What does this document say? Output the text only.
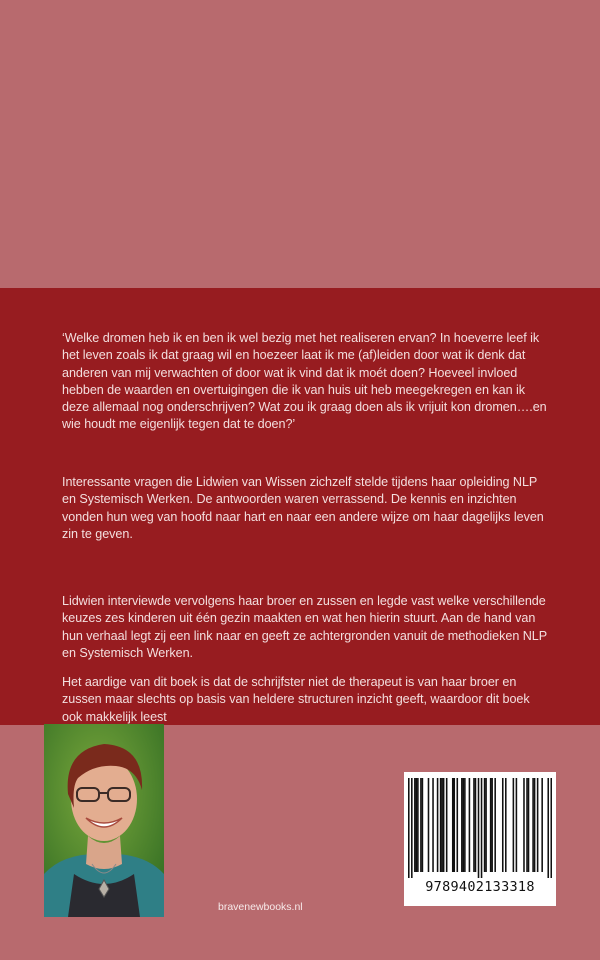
‘Welke dromen heb ik en ben ik wel bezig met het realiseren ervan? In hoeverre leef ik het leven zoals ik dat graag wil en hoezeer laat ik me (af)leiden door wat ik denk dat anderen van mij verwachten of door wat ik vind dat ik moét doen? Hoeveel invloed hebben de waarden en overtuigingen die ik van huis uit heb meegekregen en kan ik deze allemaal nog onderschrijven? Wat zou ik graag doen als ik vrijuit kon dromen….en wie houdt me eigenlijk tegen dat te doen?’

Interessante vragen die Lidwien van Wissen zichzelf stelde tijdens haar opleiding NLP en Systemisch Werken. De antwoorden waren verrassend. De kennis en inzichten vonden hun weg van hoofd naar hart en naar een andere wijze om haar dagelijks leven zin te geven.

Lidwien interviewde vervolgens haar broer en zussen en legde vast welke verschillende keuzes zes kinderen uit één gezin maakten en wat hen hierin stuurt. Aan de hand van hun verhaal legt zij een link naar en geeft ze achtergronden vanuit de methodieken NLP en Systemisch Werken.

Het aardige van dit boek is dat de schrijfster niet de therapeut is van haar broer en zussen maar slechts op basis van heldere structuren inzicht geeft, waardoor dit boek ook makkelijk leest

bravenewbooks.nl

9789402133318
